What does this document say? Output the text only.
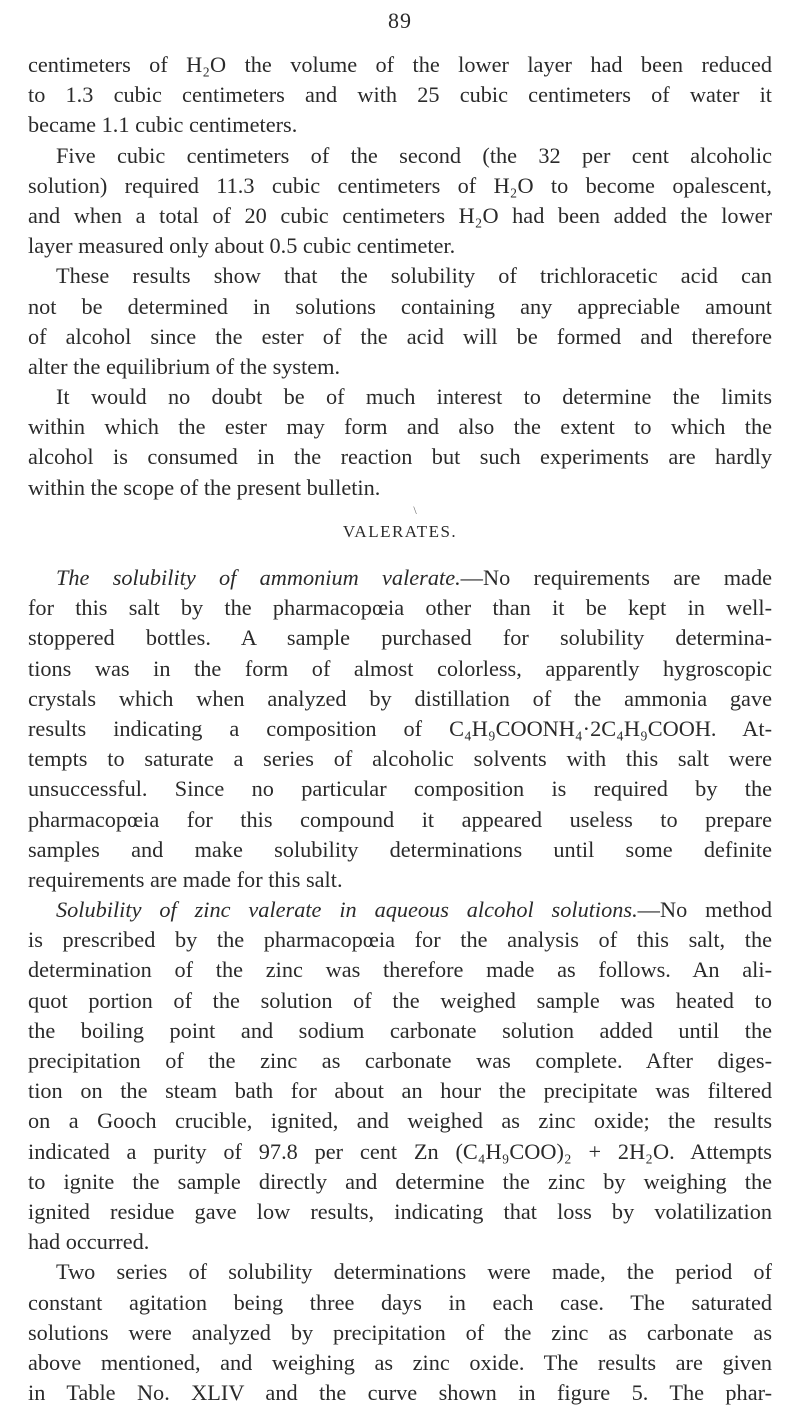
89
centimeters of H₂O the volume of the lower layer had been reduced
to 1.3 cubic centimeters and with 25 cubic centimeters of water it
became 1.1 cubic centimeters.
Five cubic centimeters of the second (the 32 per cent alcoholic
solution) required 11.3 cubic centimeters of H₂O to become opalescent,
and when a total of 20 cubic centimeters H₂O had been added the lower
layer measured only about 0.5 cubic centimeter.
These results show that the solubility of trichloracetic acid can
not be determined in solutions containing any appreciable amount
of alcohol since the ester of the acid will be formed and therefore
alter the equilibrium of the system.
It would no doubt be of much interest to determine the limits
within which the ester may form and also the extent to which the
alcohol is consumed in the reaction but such experiments are hardly
within the scope of the present bulletin.
\
VALERATES.
The solubility of ammonium valerate.—No requirements are made
for this salt by the pharmacopœia other than it be kept in well-
stoppered bottles. A sample purchased for solubility determina-
tions was in the form of almost colorless, apparently hygroscopic
crystals which when analyzed by distillation of the ammonia gave
results indicating a composition of C₄H₉COONH₄·2C₄H₉COOH. At-
tempts to saturate a series of alcoholic solvents with this salt were
unsuccessful. Since no particular composition is required by the
pharmacopœia for this compound it appeared useless to prepare
samples and make solubility determinations until some definite
requirements are made for this salt.
Solubility of zinc valerate in aqueous alcohol solutions.—No method
is prescribed by the pharmacopœia for the analysis of this salt, the
determination of the zinc was therefore made as follows. An ali-
quot portion of the solution of the weighed sample was heated to
the boiling point and sodium carbonate solution added until the
precipitation of the zinc as carbonate was complete. After diges-
tion on the steam bath for about an hour the precipitate was filtered
on a Gooch crucible, ignited, and weighed as zinc oxide; the results
indicated a purity of 97.8 per cent Zn (C₄H₉COO)₂ + 2H₂O. Attempts
to ignite the sample directly and determine the zinc by weighing the
ignited residue gave low results, indicating that loss by volatilization
had occurred.
Two series of solubility determinations were made, the period of
constant agitation being three days in each case. The saturated
solutions were analyzed by precipitation of the zinc as carbonate as
above mentioned, and weighing as zinc oxide. The results are given
in Table No. XLIV and the curve shown in figure 5. The phar-
